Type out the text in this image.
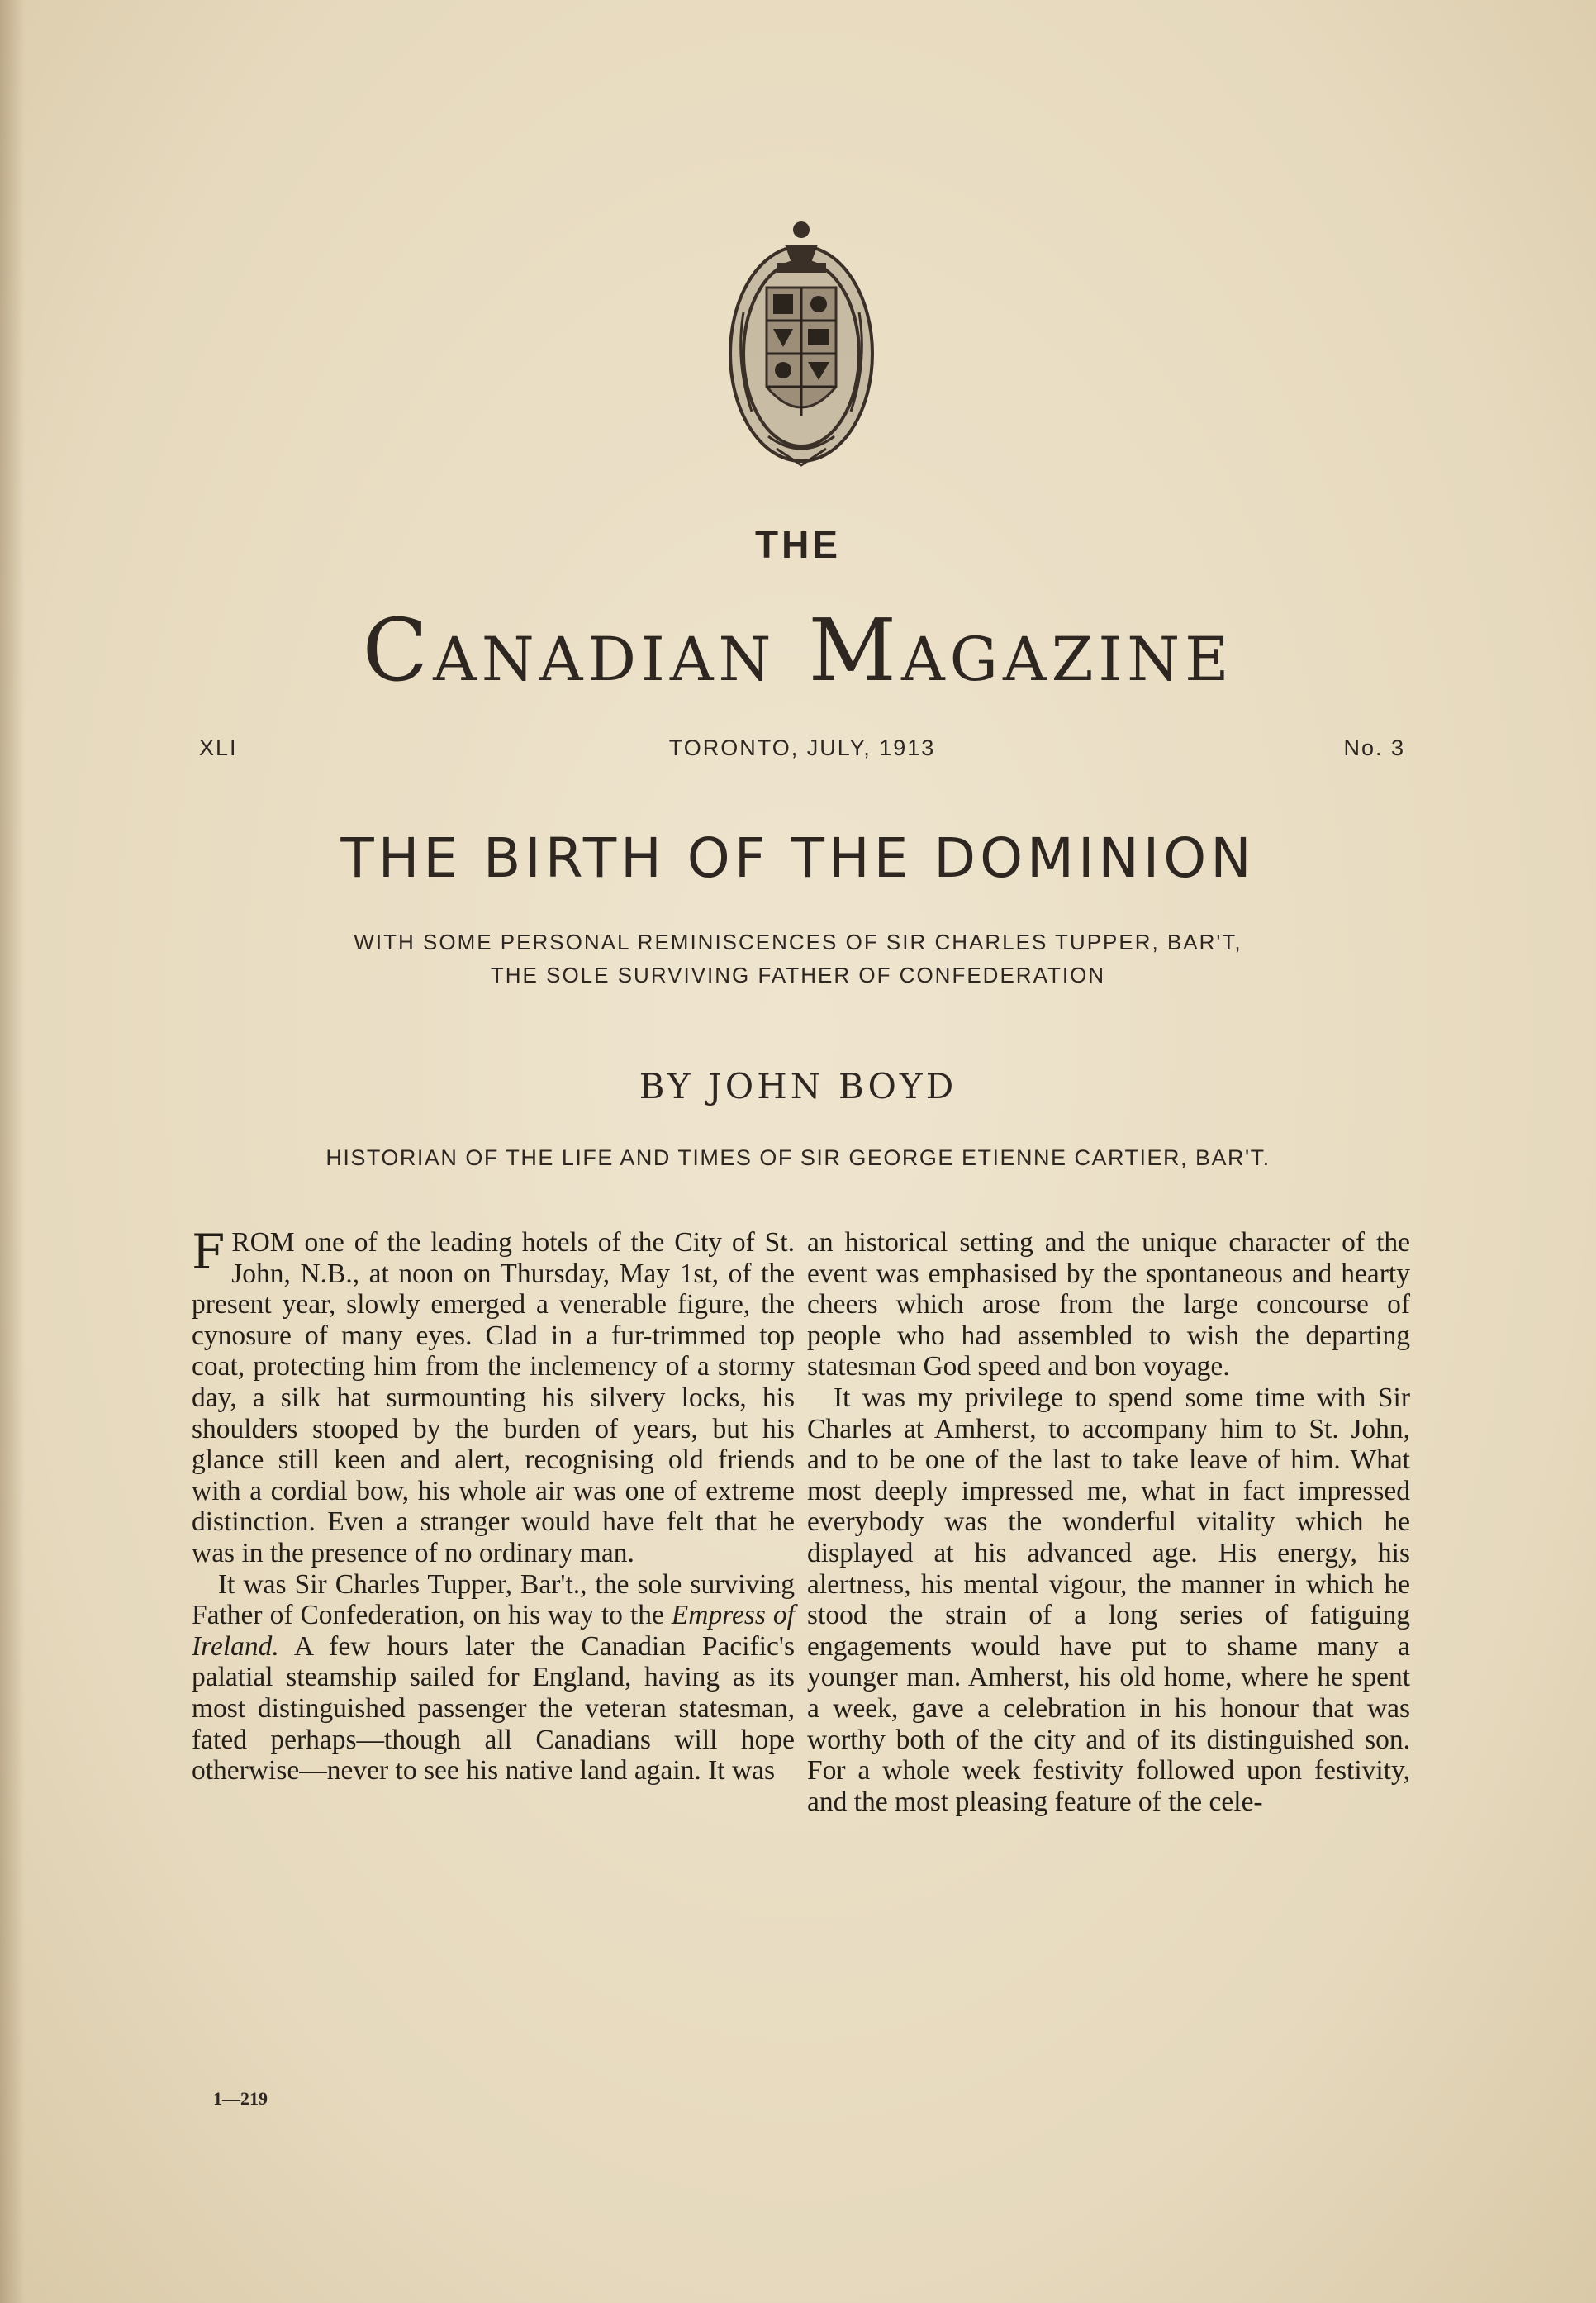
THE
Canadian Magazine
XLI	TORONTO, JULY, 1913	No. 3
THE BIRTH OF THE DOMINION
WITH SOME PERSONAL REMINISCENCES OF SIR CHARLES TUPPER, BAR'T,
THE SOLE SURVIVING FATHER OF CONFEDERATION
BY JOHN BOYD
HISTORIAN OF THE LIFE AND TIMES OF SIR GEORGE ETIENNE CARTIER, BAR'T.

FROM one of the leading hotels of the City of St. John, N.B., at noon on Thursday, May 1st, of the present year, slowly emerged a venerable figure, the cynosure of many eyes. Clad in a fur-trimmed top coat, protecting him from the inclemency of a stormy day, a silk hat surmounting his silvery locks, his shoulders stooped by the burden of years, but his glance still keen and alert, recognising old friends with a cordial bow, his whole air was one of extreme distinction. Even a stranger would have felt that he was in the presence of no ordinary man.

It was Sir Charles Tupper, Bar't., the sole surviving Father of Confederation, on his way to the Empress of Ireland. A few hours later the Canadian Pacific's palatial steamship sailed for England, having as its most distinguished passenger the veteran statesman, fated perhaps—though all Canadians will hope otherwise—never to see his native land again. It was

an historical setting and the unique character of the event was emphasised by the spontaneous and hearty cheers which arose from the large concourse of people who had assembled to wish the departing statesman God speed and bon voyage.

It was my privilege to spend some time with Sir Charles at Amherst, to accompany him to St. John, and to be one of the last to take leave of him. What most deeply impressed me, what in fact impressed everybody was the wonderful vitality which he displayed at his advanced age. His energy, his alertness, his mental vigour, the manner in which he stood the strain of a long series of fatiguing engagements would have put to shame many a younger man. Amherst, his old home, where he spent a week, gave a celebration in his honour that was worthy both of the city and of its distinguished son. For a whole week festivity followed upon festivity, and the most pleasing feature of the cele-

1—219
